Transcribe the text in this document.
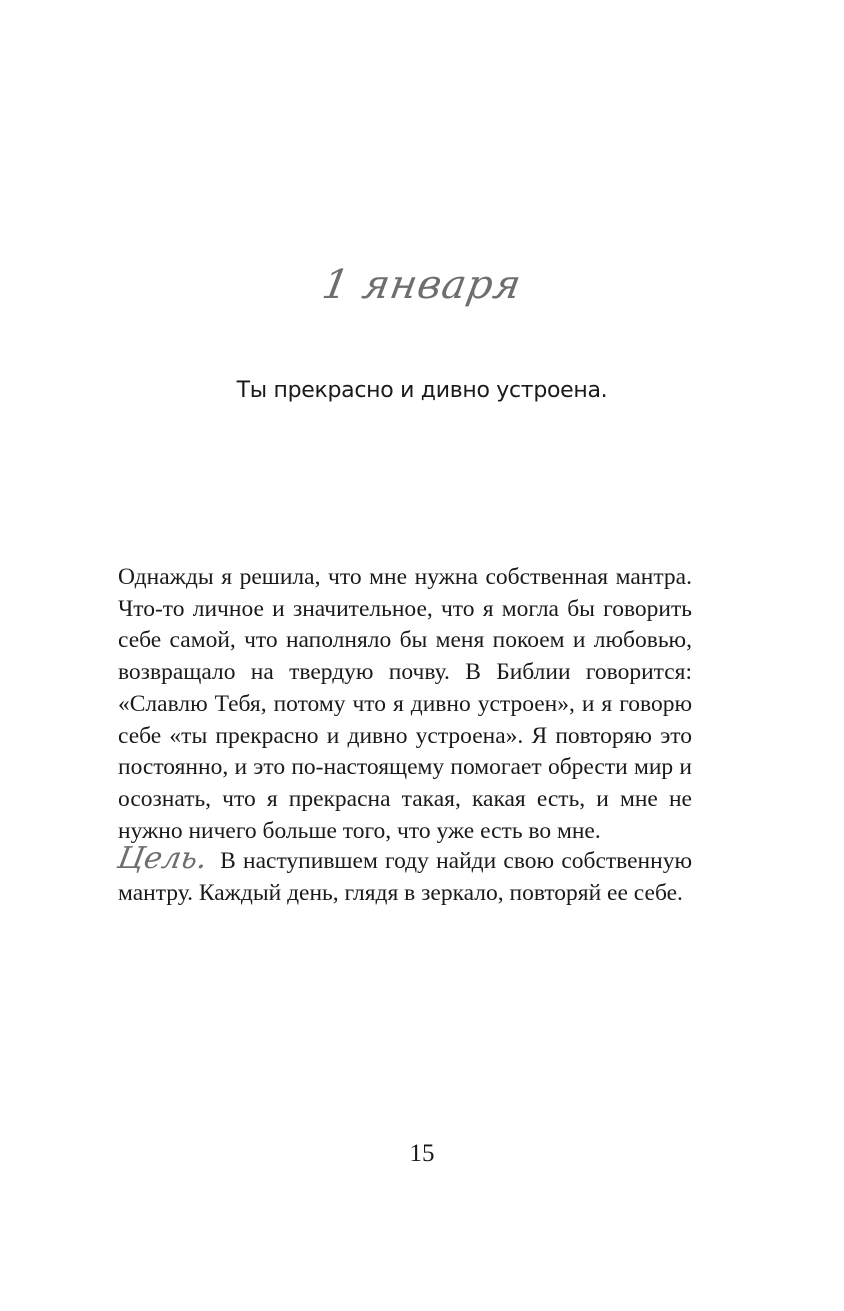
1 января
Ты прекрасно и дивно устроена.
Однажды я решила, что мне нужна собственная мантра. Что-то личное и значительное, что я могла бы говорить себе самой, что наполняло бы меня покоем и любовью, возвращало на твердую почву. В Библии говорится: «Славлю Тебя, потому что я дивно устроен», и я говорю себе «ты прекрасно и дивно устроена». Я повторяю это постоянно, и это по-настоящему помогает обрести мир и осознать, что я прекрасна такая, какая есть, и мне не нужно ничего больше того, что уже есть во мне.
Цель. В наступившем году найди свою собственную мантру. Каждый день, глядя в зеркало, повторяй ее себе.
15
